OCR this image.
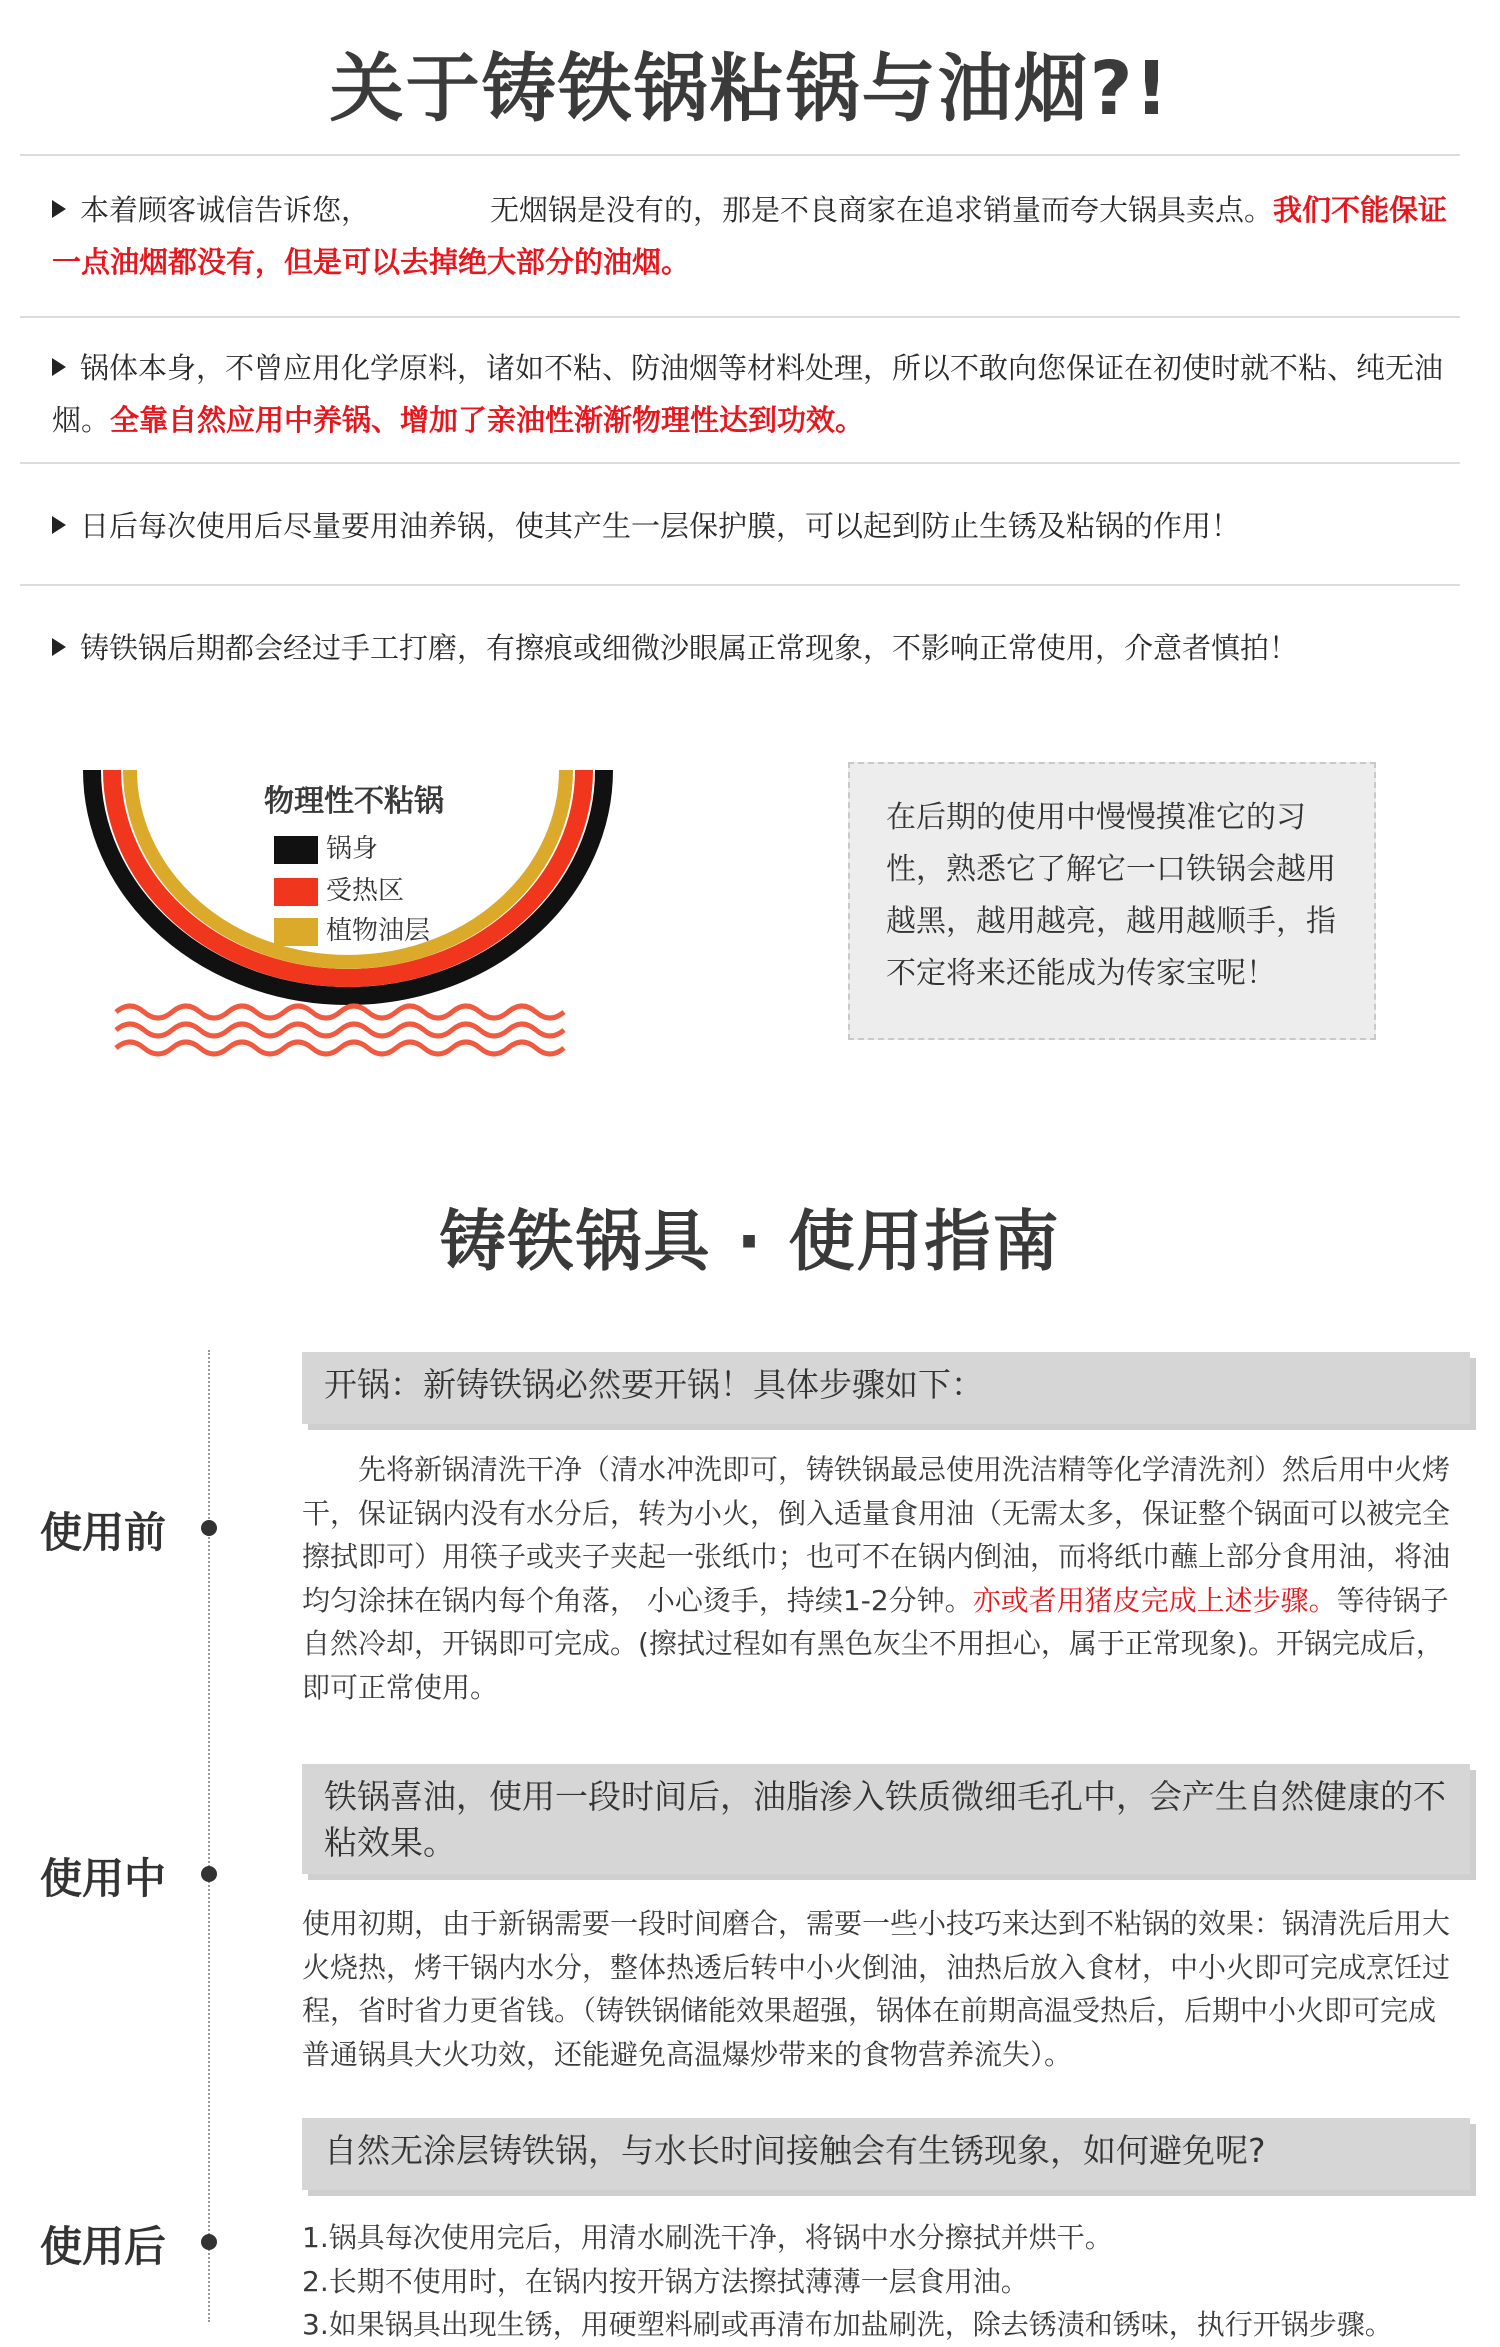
关于铸铁锅粘锅与油烟?!
本着顾客诚信告诉您，	无烟锅是没有的，那是不良商家在追求销量而夸大锅具卖点。我们不能保证一点油烟都没有，但是可以去掉绝大部分的油烟。
锅体本身，不曾应用化学原料，诸如不粘、防油烟等材料处理，所以不敢向您保证在初使时就不粘、纯无油烟。全靠自然应用中养锅、增加了亲油性渐渐物理性达到功效。
日后每次使用后尽量要用油养锅，使其产生一层保护膜，可以起到防止生锈及粘锅的作用！
铸铁锅后期都会经过手工打磨，有擦痕或细微沙眼属正常现象，不影响正常使用，介意者慎拍！
物理性不粘锅
锅身
受热区
植物油层
在后期的使用中慢慢摸准它的习性，熟悉它了解它一口铁锅会越用越黑，越用越亮，越用越顺手，指不定将来还能成为传家宝呢！
铸铁锅具 · 使用指南
使用前
开锅：新铸铁锅必然要开锅！具体步骤如下：
先将新锅清洗干净（清水冲洗即可，铸铁锅最忌使用洗洁精等化学清洗剂）然后用中火烤干，保证锅内没有水分后，转为小火，倒入适量食用油（无需太多，保证整个锅面可以被完全擦拭即可）用筷子或夹子夹起一张纸巾；也可不在锅内倒油，而将纸巾蘸上部分食用油，将油均匀涂抹在锅内每个角落， 小心烫手，持续1-2分钟。亦或者用猪皮完成上述步骤。等待锅子自然冷却，开锅即可完成。(擦拭过程如有黑色灰尘不用担心，属于正常现象)。开锅完成后，即可正常使用。
使用中
铁锅喜油，使用一段时间后，油脂渗入铁质微细毛孔中，会产生自然健康的不粘效果。
使用初期，由于新锅需要一段时间磨合，需要一些小技巧来达到不粘锅的效果：锅清洗后用大火烧热，烤干锅内水分，整体热透后转中小火倒油，油热后放入食材，中小火即可完成烹饪过程，省时省力更省钱。（铸铁锅储能效果超强，锅体在前期高温受热后，后期中小火即可完成普通锅具大火功效，还能避免高温爆炒带来的食物营养流失）。
使用后
自然无涂层铸铁锅，与水长时间接触会有生锈现象，如何避免呢?
1.锅具每次使用完后，用清水刷洗干净，将锅中水分擦拭并烘干。
2.长期不使用时，在锅内按开锅方法擦拭薄薄一层食用油。
3.如果锅具出现生锈，用硬塑料刷或再清布加盐刷洗，除去锈渍和锈味，执行开锅步骤。
